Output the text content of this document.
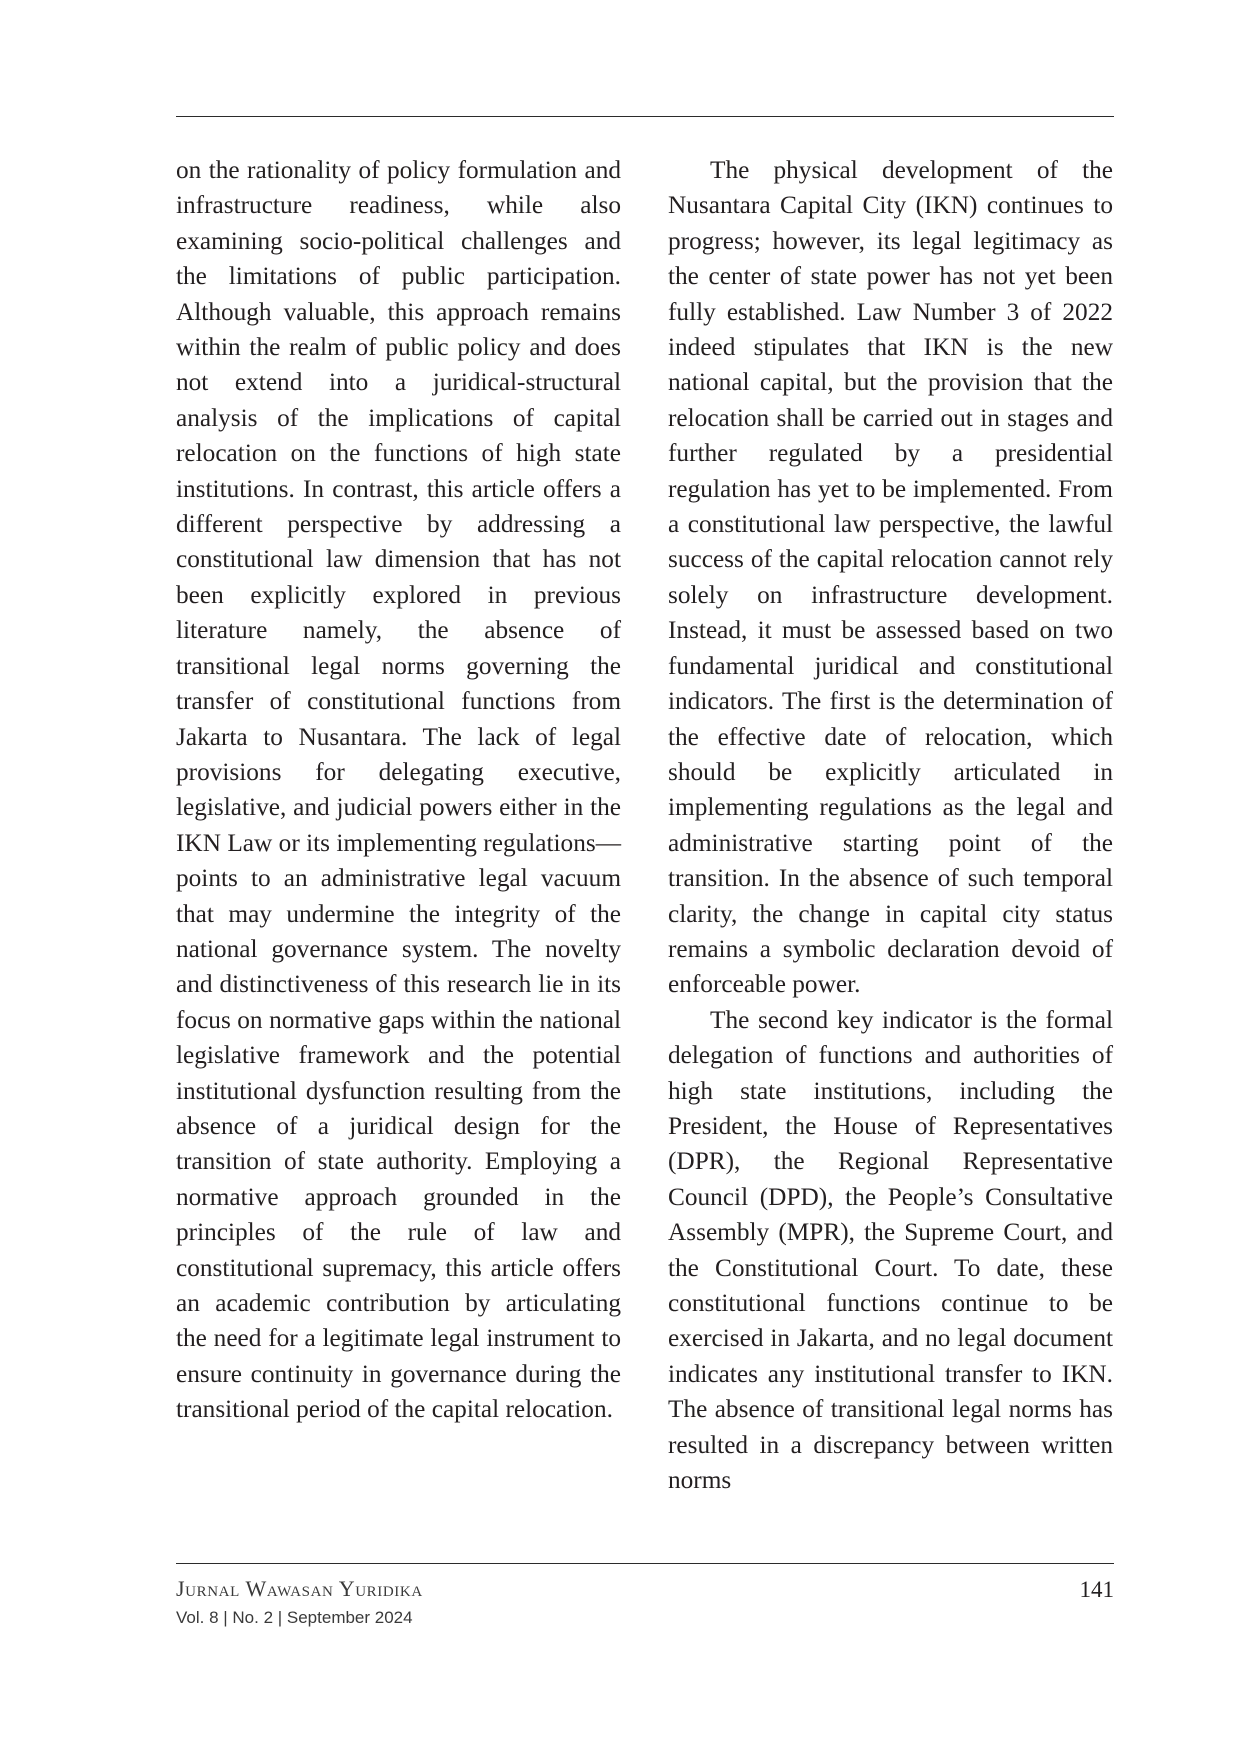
on the rationality of policy formulation and infrastructure readiness, while also examining socio-political challenges and the limitations of public participation. Although valuable, this approach remains within the realm of public policy and does not extend into a juridical-structural analysis of the implications of capital relocation on the functions of high state institutions. In contrast, this article offers a different perspective by addressing a constitutional law dimension that has not been explicitly explored in previous literature namely, the absence of transitional legal norms governing the transfer of constitutional functions from Jakarta to Nusantara. The lack of legal provisions for delegating executive, legislative, and judicial powers either in the IKN Law or its implementing regulations—points to an administrative legal vacuum that may undermine the integrity of the national governance system. The novelty and distinctiveness of this research lie in its focus on normative gaps within the national legislative framework and the potential institutional dysfunction resulting from the absence of a juridical design for the transition of state authority. Employing a normative approach grounded in the principles of the rule of law and constitutional supremacy, this article offers an academic contribution by articulating the need for a legitimate legal instrument to ensure continuity in governance during the transitional period of the capital relocation.

The physical development of the Nusantara Capital City (IKN) continues to progress; however, its legal legitimacy as the center of state power has not yet been fully established. Law Number 3 of 2022 indeed stipulates that IKN is the new national capital, but the provision that the relocation shall be carried out in stages and further regulated by a presidential regulation has yet to be implemented. From a constitutional law perspective, the lawful success of the capital relocation cannot rely solely on infrastructure development. Instead, it must be assessed based on two fundamental juridical and constitutional indicators. The first is the determination of the effective date of relocation, which should be explicitly articulated in implementing regulations as the legal and administrative starting point of the transition. In the absence of such temporal clarity, the change in capital city status remains a symbolic declaration devoid of enforceable power.

The second key indicator is the formal delegation of functions and authorities of high state institutions, including the President, the House of Representatives (DPR), the Regional Representative Council (DPD), the People’s Consultative Assembly (MPR), the Supreme Court, and the Constitutional Court. To date, these constitutional functions continue to be exercised in Jakarta, and no legal document indicates any institutional transfer to IKN. The absence of transitional legal norms has resulted in a discrepancy between written norms

Jurnal Wawasan Yuridika
Vol. 8 | No. 2 | September 2024
141
